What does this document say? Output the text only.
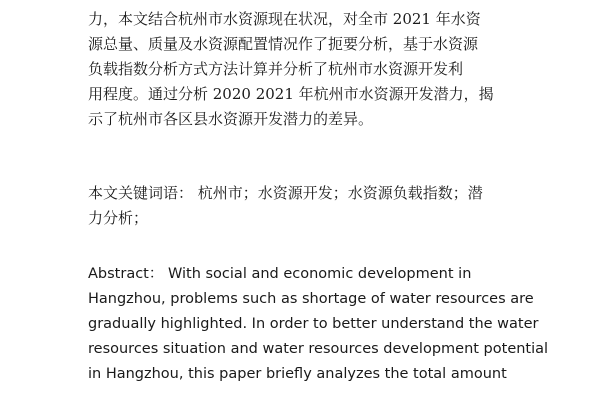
力，本文结合杭州市水资源现在状况，对全市 2021 年水资
源总量、质量及水资源配置情况作了扼要分析，基于水资源
负载指数分析方式方法计算并分析了杭州市水资源开发利
用程度。通过分析 2020 2021 年杭州市水资源开发潜力，揭
示了杭州市各区县水资源开发潜力的差异。
本文关键词语： 杭州市；水资源开发；水资源负载指数；潜
力分析；
Abstract： With social and economic development in
Hangzhou, problems such as shortage of water resources are
gradually highlighted. In order to better understand the water
resources situation and water resources development potential
in Hangzhou, this paper briefly analyzes the total amount
